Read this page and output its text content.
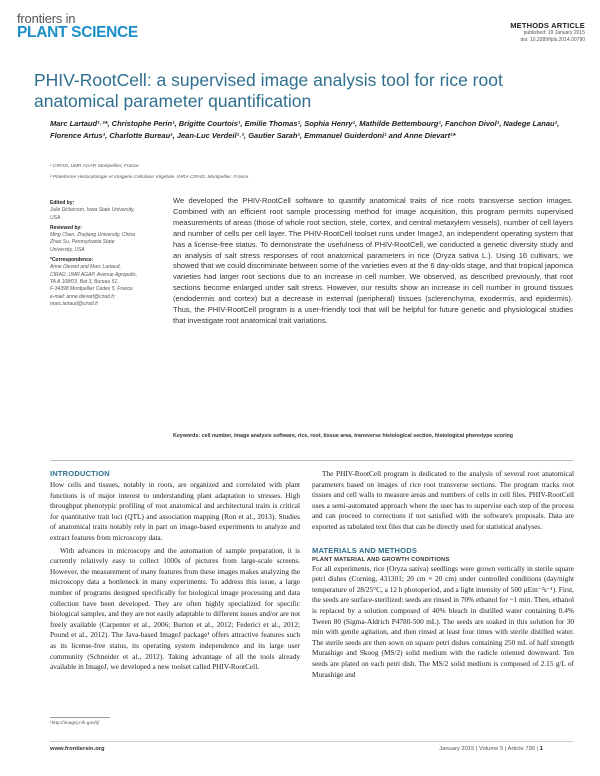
frontiers in
PLANT SCIENCE	METHODS ARTICLE
published: 19 January 2015
doi: 10.3389/fpls.2014.00790
PHIV-RootCell: a supervised image analysis tool for rice root anatomical parameter quantification
Marc Lartaud¹˒²*, Christophe Perin¹, Brigitte Courtois¹, Emilie Thomas¹, Sophia Henry¹, Mathilde Bettembourg¹, Fanchon Divol¹, Nadege Lanau¹, Florence Artus¹, Charlotte Bureau¹, Jean-Luc Verdeil¹˒², Gautier Sarah¹, Emmanuel Guiderdoni¹ and Anne Dievart¹*
¹ CIRAD, UMR AGAP, Montpellier, France
² Plateforme Histocytologie et Imagerie Cellulaire Végétale, INRA-CIRAD, Montpellier, France
Edited by:
Julie Dickerson, Iowa State University,
USA
Reviewed by:
Ming Chen, Zhejiang University, China
Zhao Su, Pennsylvania State
University, USA
*Correspondence:
Anne Dievart and Marc Lartaud,
CIRAD, UMR AGAP, Avenue Agropolis,
TA A 108/03, Bat 3, Bureau 51,
F-34398 Montpellier Cedex 5, France
e-mail: anne.dievart@cirad.fr;
marc.lartaud@cirad.fr
We developed the PHIV-RootCell software to quantify anatomical traits of rice roots transverse section images. Combined with an efficient root sample processing method for image acquisition, this program permits supervised measurements of areas (those of whole root section, stele, cortex, and central metaxylem vessels), number of cell layers and number of cells per cell layer. The PHIV-RootCell toolset runs under ImageJ, an independent operating system that has a license-free status. To demonstrate the usefulness of PHIV-RootCell, we conducted a genetic diversity study and an analysis of salt stress responses of root anatomical parameters in rice (Oryza sativa L.). Using 16 cultivars, we showed that we could discriminate between some of the varieties even at the 6 day-olds stage, and that tropical japonica varieties had larger root sections due to an increase in cell number. We observed, as described previously, that root sections become enlarged under salt stress. However, our results show an increase in cell number in ground tissues (endodermis and cortex) but a decrease in external (peripheral) tissues (sclerenchyma, exodermis, and epidermis). Thus, the PHIV-RootCell program is a user-friendly tool that will be helpful for future genetic and physiological studies that investigate root anatomical trait variations.
Keywords: cell number, image analysis software, rice, root, tissue area, transverse histological section, histological phenotype scoring
INTRODUCTION

How cells and tissues, notably in roots, are organized and correlated with plant functions is of major interest to understanding plant adaptation to stresses. High throughput phenotypic profiling of root anatomical and architectural traits is critical for quantitative trait loci (QTL) and association mapping (Ron et al., 2013). Studies of anatomical traits notably rely in part on image-based experiments to analyze and extract features from microscopy data.

With advances in microscopy and the automation of sample preparation, it is currently relatively easy to collect 1000s of pictures from large-scale screens. However, the measurement of many features from these images makes analyzing the microscopy data a bottleneck in many experiments. To address this issue, a large number of programs designed specifically for biological image processing and data collection have been developed. They are often highly specialized for specific biological samples, and they are not easily adaptable to different issues and/or are not freely available (Carpenter et al., 2006; Burton et al., 2012; Federici et al., 2012; Pound et al., 2012). The Java-based ImageJ package¹ offers attractive features such as its license-free status, its operating system independence and its large user community (Schneider et al., 2012). Taking advantage of all the tools already available in ImageJ, we developed a new toolset called PHIV-RootCell.

¹http://imagej.nih.gov/ij/

The PHIV-RootCell program is dedicated to the analysis of several root anatomical parameters based on images of rice root transverse sections. The program tracks root tissues and cell walls to measure areas and numbers of cells in cell files. PHIV-RootCell uses a semi-automated approach where the user has to supervise each step of the process and can proceed to corrections if not satisfied with the software's proposals. Data are exported as tabulated text files that can be directly used for statistical analyses.

MATERIALS AND METHODS
PLANT MATERIAL AND GROWTH CONDITIONS

For all experiments, rice (Oryza sativa) seedlings were grown vertically in sterile square petri dishes (Corning, 431301; 20 cm × 20 cm) under controlled conditions (day/night temperature of 28/25°C, a 12 h photoperiod, and a light intensity of 500 µEm⁻²s⁻¹). First, the seeds are surface-sterilized: seeds are rinsed in 70% ethanol for ~1 min. Then, ethanol is replaced by a solution composed of 40% bleach in distilled water containing 0.4% Tween 80 (Sigma-Aldrich P4780-500 mL). The seeds are soaked in this solution for 30 min with gentle agitation, and then rinsed at least four times with sterile distilled water. The sterile seeds are then sown on square petri dishes containing 250 mL of half strength Murashige and Skoog (MS/2) solid medium with the radicle oriented downward. Ten seeds are plated on each petri dish. The MS/2 solid medium is composed of 2.15 g/L of Murashige and

www.frontiersin.org	January 2015 | Volume 5 | Article 790 | 1
